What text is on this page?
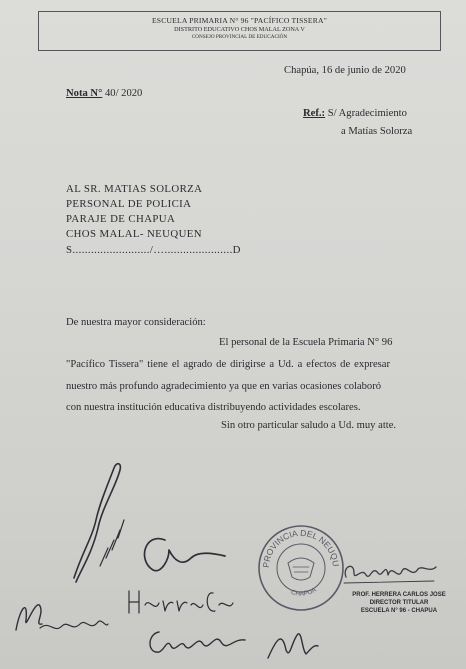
ESCUELA PRIMARIA N° 96 "PACÍFICO TISSERA"
DISTRITO EDUCATIVO CHOS MALAL ZONA V
CONSEJO PROVINCIAL DE EDUCACIÓN
Chapúa, 16 de junio de 2020
Nota N° 40/ 2020
Ref.: S/ Agradecimiento
a Matías Solorza
AL SR. MATIAS SOLORZA
PERSONAL DE POLICIA
PARAJE DE CHAPUA
CHOS MALAL- NEUQUEN
S........................./…......................D
De nuestra mayor consideración:
El personal de la Escuela Primaria N° 96
"Pacífico Tissera" tiene el agrado de dirigirse a Ud. a efectos de expresar
nuestro más profundo agradecimiento ya que en varias ocasiones colaboró
con nuestra institución educativa distribuyendo actividades escolares.
Sin otro particular saludo a Ud. muy atte.
PROVINCIA DEL NEUQUEN
CHAPUA
PROF. HERRERA CARLOS JOSE
DIRECTOR TITULAR
ESCUELA N° 96 - CHAPUA
